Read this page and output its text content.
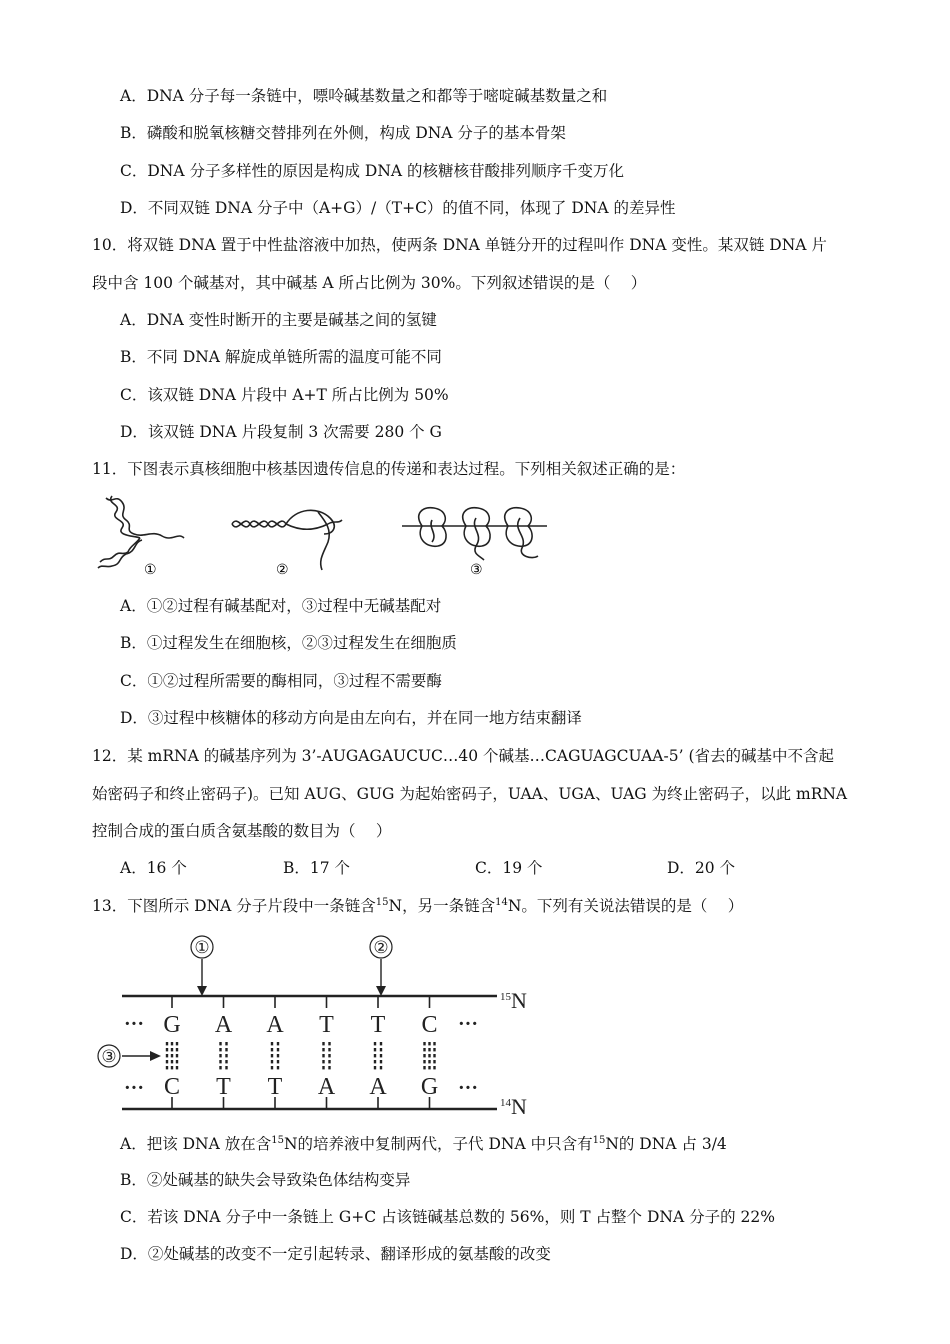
A．DNA 分子每一条链中，嘌呤碱基数量之和都等于嘧啶碱基数量之和
B．磷酸和脱氧核糖交替排列在外侧，构成 DNA 分子的基本骨架
C．DNA 分子多样性的原因是构成 DNA 的核糖核苷酸排列顺序千变万化
D．不同双链 DNA 分子中（A+G）/（T+C）的值不同，体现了 DNA 的差异性
10．将双链 DNA 置于中性盐溶液中加热，使两条 DNA 单链分开的过程叫作 DNA 变性。某双链 DNA 片
段中含 100 个碱基对，其中碱基 A 所占比例为 30%。下列叙述错误的是（　 ）
A．DNA 变性时断开的主要是碱基之间的氢键
B．不同 DNA 解旋成单链所需的温度可能不同
C．该双链 DNA 片段中 A+T 所占比例为 50%
D．该双链 DNA 片段复制 3 次需要 280 个 G
11．下图表示真核细胞中核基因遗传信息的传递和表达过程。下列相关叙述正确的是：
①	②	③
A．①②过程有碱基配对，③过程中无碱基配对
B．①过程发生在细胞核，②③过程发生在细胞质
C．①②过程所需要的酶相同，③过程不需要酶
D．③过程中核糖体的移动方向是由左向右，并在同一地方结束翻译
12．某 mRNA 的碱基序列为 3’-AUGAGAUCUC…40 个碱基…CAGUAGCUAA-5’ (省去的碱基中不含起
始密码子和终止密码子)。已知 AUG、GUG 为起始密码子，UAA、UGA、UAG 为终止密码子，以此 mRNA
控制合成的蛋白质含氨基酸的数目为（　 ）
A．16 个	B．17 个	C．19 个	D．20 个
13．下图所示 DNA 分子片段中一条链含$^{15}$N，另一条链含$^{14}$N。下列有关说法错误的是（　 ）
①	②
$^{15}$N
$^{14}$N
···	···
···	···
③
G
C
A
T
A
T
T
A
T
A
C
G
A．把该 DNA 放在含$^{15}$N的培养液中复制两代，子代 DNA 中只含有$^{15}$N的 DNA 占 3/4
B．②处碱基的缺失会导致染色体结构变异
C．若该 DNA 分子中一条链上 G+C 占该链碱基总数的 56%，则 T 占整个 DNA 分子的 22%
D．②处碱基的改变不一定引起转录、翻译形成的氨基酸的改变
